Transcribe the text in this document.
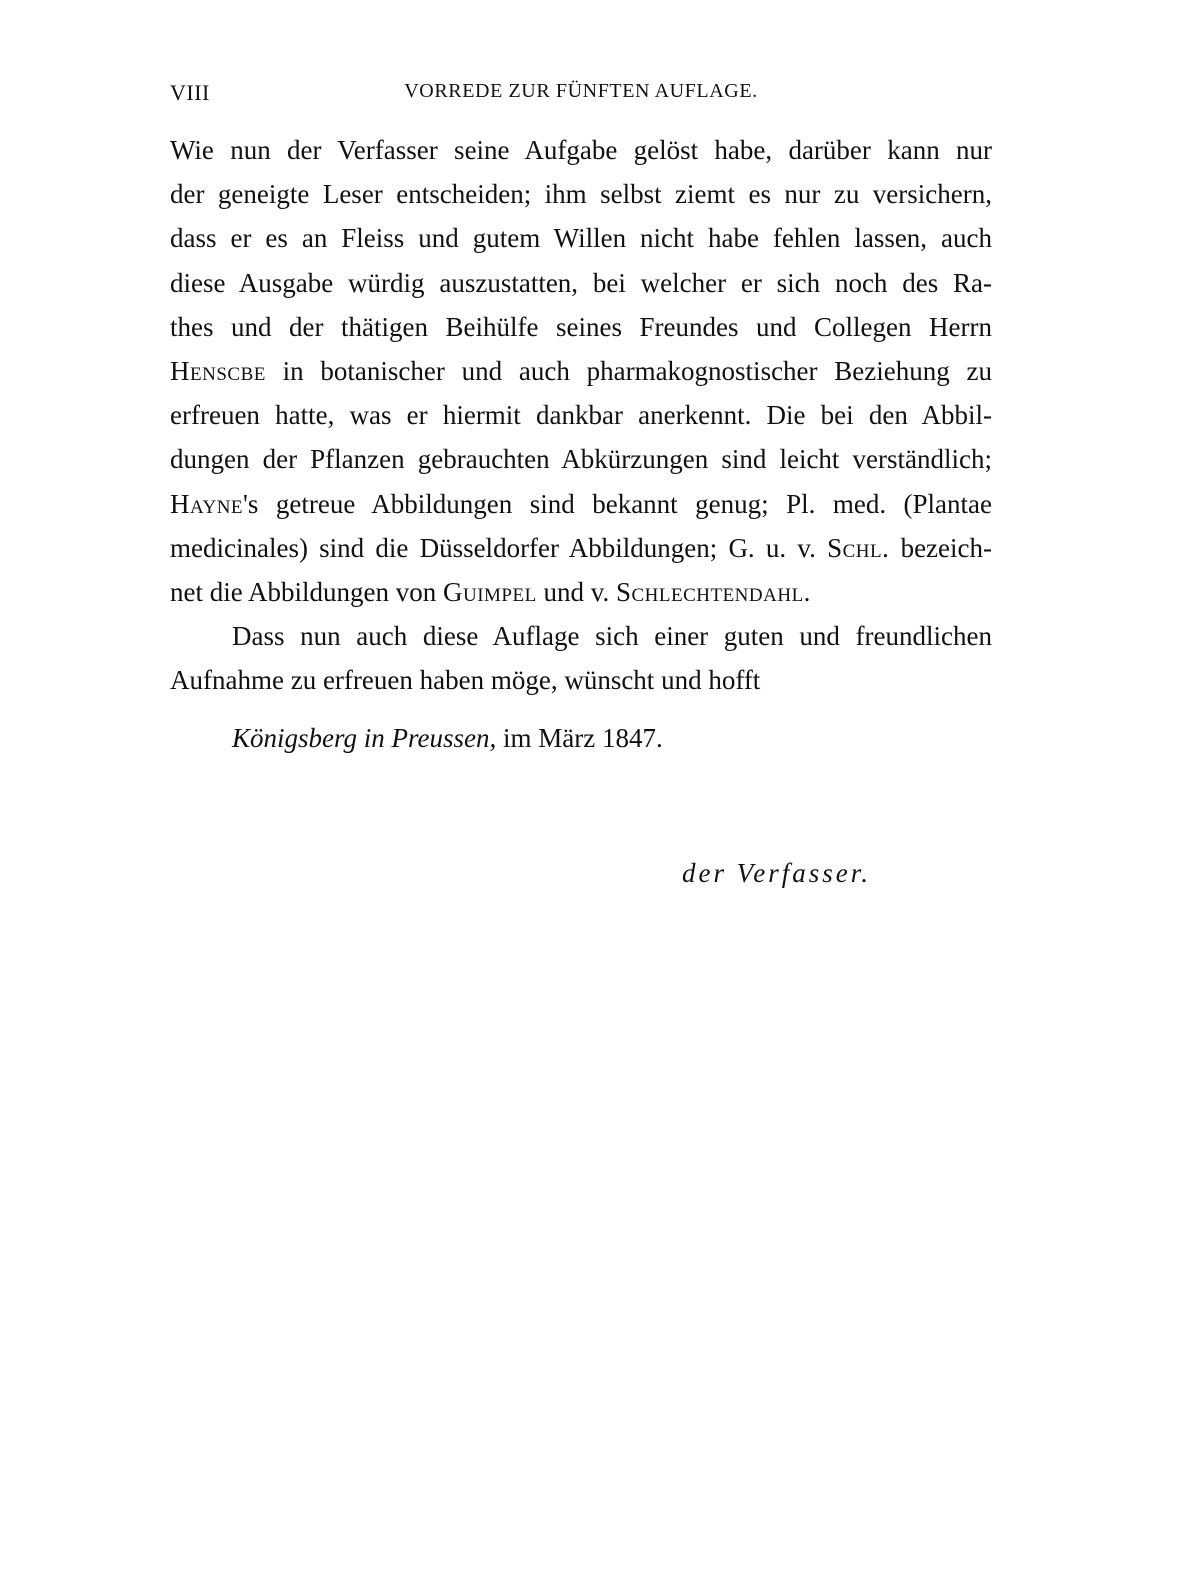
VIII	VORREDE ZUR FÜNFTEN AUFLAGE.
Wie nun der Verfasser seine Aufgabe gelöst habe, darüber kann nur
der geneigte Leser entscheiden; ihm selbst ziemt es nur zu versichern,
dass er es an Fleiss und gutem Willen nicht habe fehlen lassen, auch
diese Ausgabe würdig auszustatten, bei welcher er sich noch des Ra-
thes und der thätigen Beihülfe seines Freundes und Collegen Herrn
Henscbe in botanischer und auch pharmakognostischer Beziehung zu
erfreuen hatte, was er hiermit dankbar anerkennt. Die bei den Abbil-
dungen der Pflanzen gebrauchten Abkürzungen sind leicht verständlich;
Hayne's getreue Abbildungen sind bekannt genug; Pl. med. (Plantae
medicinales) sind die Düsseldorfer Abbildungen; G. u. v. Schl. bezeich-
net die Abbildungen von Guimpel und v. Schlechtendahl.
Dass nun auch diese Auflage sich einer guten und freundlichen
Aufnahme zu erfreuen haben möge, wünscht und hofft
Königsberg in Preussen, im März 1847.
der Verfasser.
